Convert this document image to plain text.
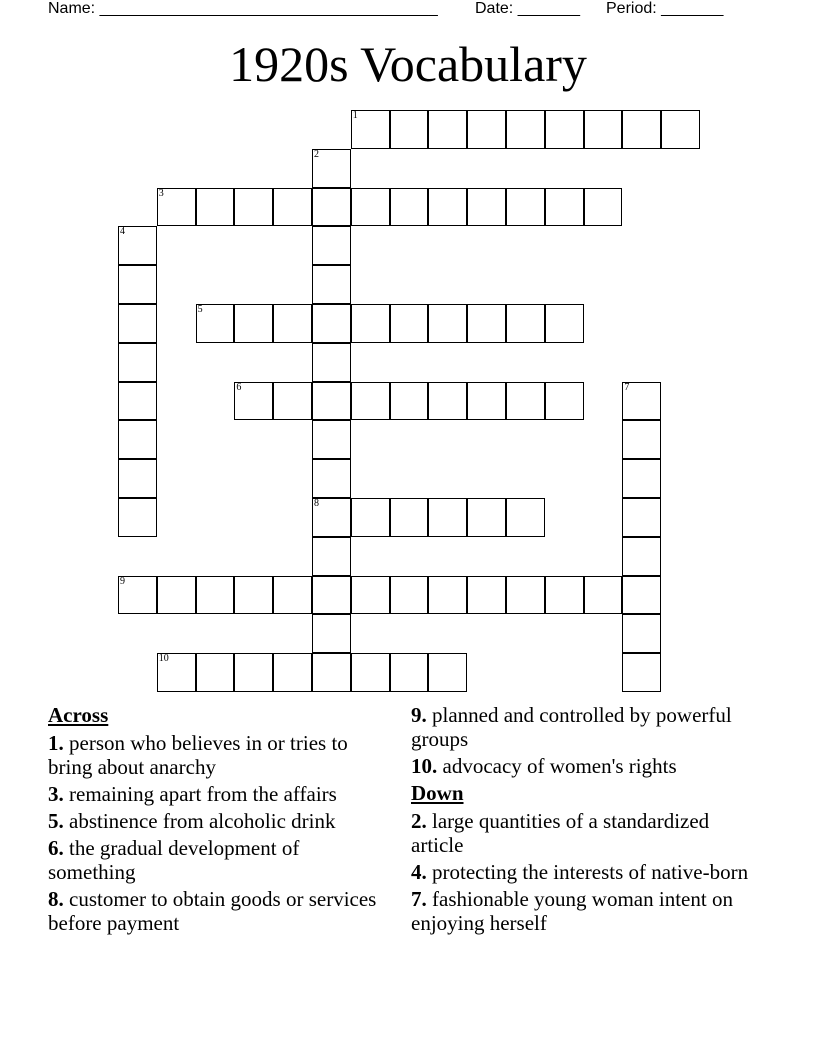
Name: ______________________________________ Date: _______ Period: _______
1920s Vocabulary
1
2
8
3
4
5
6	7
9
10
Across
1. person who believes in or tries to bring about anarchy
3. remaining apart from the affairs
5. abstinence from alcoholic drink
6. the gradual development of something
8. customer to obtain goods or services before payment
9. planned and controlled by powerful groups
10. advocacy of women's rights
Down
2. large quantities of a standardized article
4. protecting the interests of native-born
7. fashionable young woman intent on enjoying herself
